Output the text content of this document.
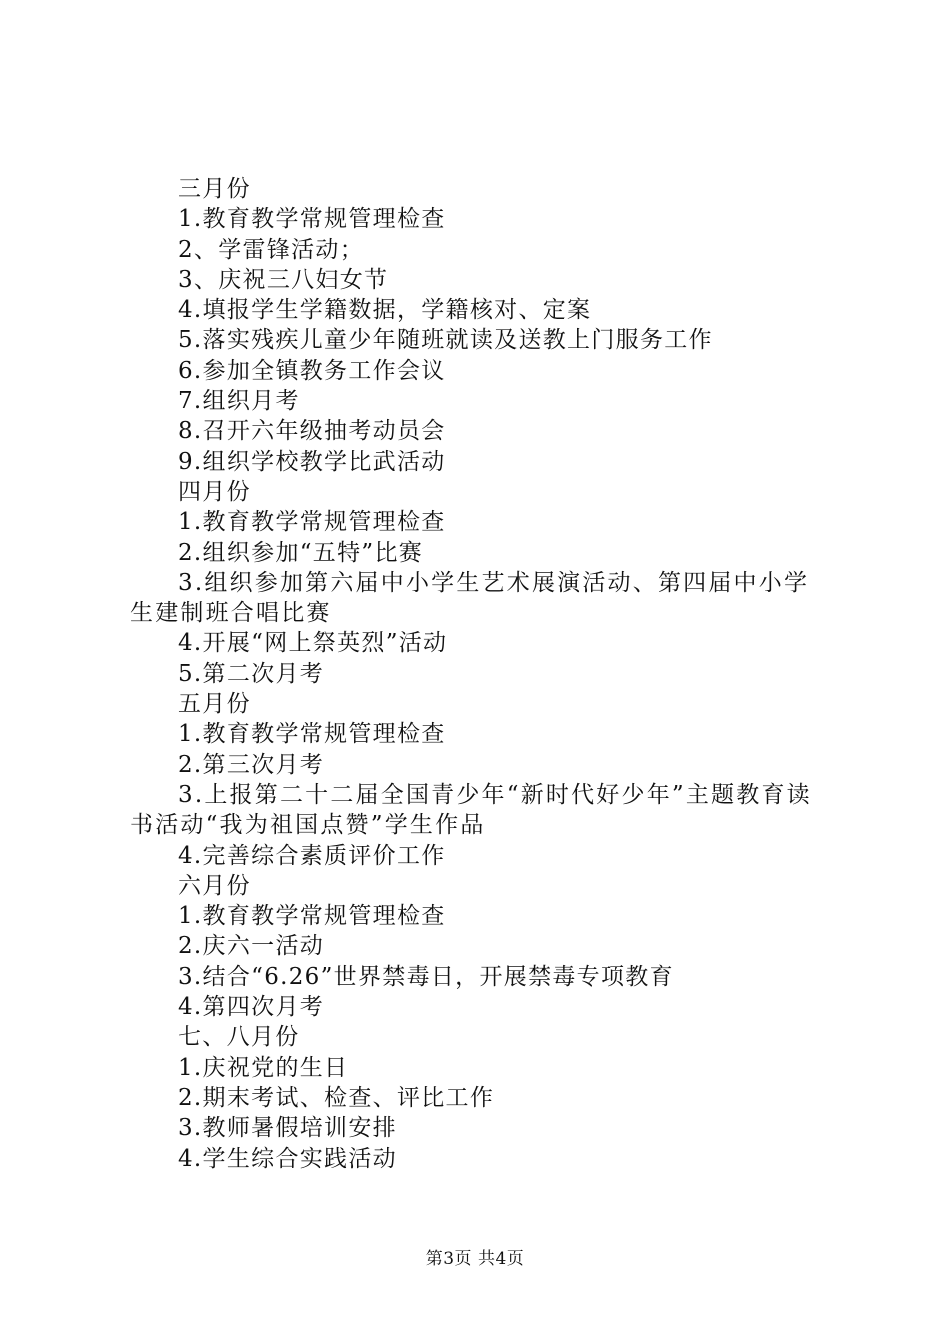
三月份
1.教育教学常规管理检查
2、学雷锋活动；
3、庆祝三八妇女节
4.填报学生学籍数据，学籍核对、定案
5.落实残疾儿童少年随班就读及送教上门服务工作
6.参加全镇教务工作会议
7.组织月考
8.召开六年级抽考动员会
9.组织学校教学比武活动
四月份
1.教育教学常规管理检查
2.组织参加“五特”比赛
3.组织参加第六届中小学生艺术展演活动、第四届中小学生建制班合唱比赛
4.开展“网上祭英烈”活动
5.第二次月考
五月份
1.教育教学常规管理检查
2.第三次月考
3.上报第二十二届全国青少年“新时代好少年”主题教育读书活动“我为祖国点赞”学生作品
4.完善综合素质评价工作
六月份
1.教育教学常规管理检查
2.庆六一活动
3.结合“6.26”世界禁毒日，开展禁毒专项教育
4.第四次月考
七、八月份
1.庆祝党的生日
2.期末考试、检查、评比工作
3.教师暑假培训安排
4.学生综合实践活动
第3页 共4页
